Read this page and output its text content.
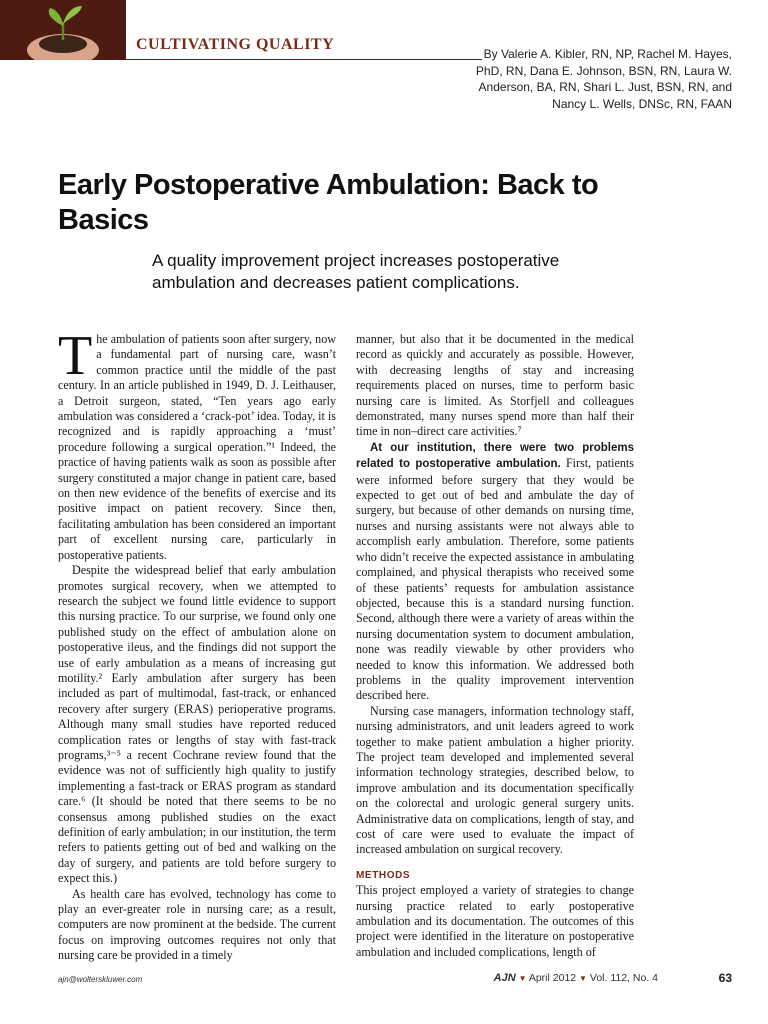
CULTIVATING QUALITY
By Valerie A. Kibler, RN, NP, Rachel M. Hayes, PhD, RN, Dana E. Johnson, BSN, RN, Laura W. Anderson, BA, RN, Shari L. Just, BSN, RN, and Nancy L. Wells, DNSc, RN, FAAN
Early Postoperative Ambulation: Back to Basics

A quality improvement project increases postoperative ambulation and decreases patient complications.

The ambulation of patients soon after surgery, now a fundamental part of nursing care, wasn’t common practice until the middle of the past century. In an article published in 1949, D. J. Leithauser, a Detroit surgeon, stated, “Ten years ago early ambulation was considered a ‘crack-pot’ idea. Today, it is recognized and is rapidly approaching a ‘must’ procedure following a surgical operation.”¹ Indeed, the practice of having patients walk as soon as possible after surgery constituted a major change in patient care, based on then new evidence of the benefits of exercise and its positive impact on patient recovery. Since then, facilitating ambulation has been considered an important part of excellent nursing care, particularly in postoperative patients.

Despite the widespread belief that early ambulation promotes surgical recovery, when we attempted to research the subject we found little evidence to support this nursing practice. To our surprise, we found only one published study on the effect of ambulation alone on postoperative ileus, and the findings did not support the use of early ambulation as a means of increasing gut motility.² Early ambulation after surgery has been included as part of multimodal, fast-track, or enhanced recovery after surgery (ERAS) perioperative programs. Although many small studies have reported reduced complication rates or lengths of stay with fast-track programs,³⁻⁵ a recent Cochrane review found that the evidence was not of sufficiently high quality to justify implementing a fast-track or ERAS program as standard care.⁶ (It should be noted that there seems to be no consensus among published studies on the exact definition of early ambulation; in our institution, the term refers to patients getting out of bed and walking on the day of surgery, and patients are told before surgery to expect this.)

As health care has evolved, technology has come to play an ever-greater role in nursing care; as a result, computers are now prominent at the bedside. The current focus on improving outcomes requires not only that nursing care be provided in a timely

manner, but also that it be documented in the medical record as quickly and accurately as possible. However, with decreasing lengths of stay and increasing requirements placed on nurses, time to perform basic nursing care is limited. As Storfjell and colleagues demonstrated, many nurses spend more than half their time in non–direct care activities.⁷

At our institution, there were two problems related to postoperative ambulation. First, patients were informed before surgery that they would be expected to get out of bed and ambulate the day of surgery, but because of other demands on nursing time, nurses and nursing assistants were not always able to accomplish early ambulation. Therefore, some patients who didn’t receive the expected assistance in ambulating complained, and physical therapists who received some of these patients’ requests for ambulation assistance objected, because this is a standard nursing function. Second, although there were a variety of areas within the nursing documentation system to document ambulation, none was readily viewable by other providers who needed to know this information. We addressed both problems in the quality improvement intervention described here.

Nursing case managers, information technology staff, nursing administrators, and unit leaders agreed to work together to make patient ambulation a higher priority. The project team developed and implemented several information technology strategies, described below, to improve ambulation and its documentation specifically on the colorectal and urologic general surgery units. Administrative data on complications, length of stay, and cost of care were used to evaluate the impact of increased ambulation on surgical recovery.

METHODS

This project employed a variety of strategies to change nursing practice related to early postoperative ambulation and its documentation. The outcomes of this project were identified in the literature on postoperative ambulation and included complications, length of

ajn@wolterskluwer.com	AJN ▼ April 2012 ▼ Vol. 112, No. 4	63
